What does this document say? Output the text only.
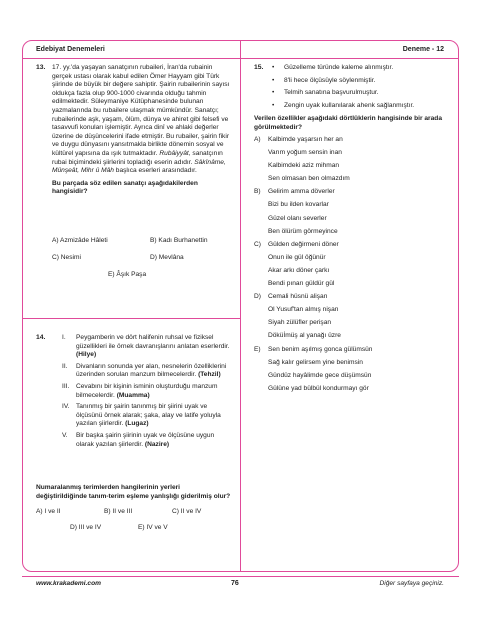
Edebiyat Denemeleri	Deneme - 12
13. 17. yy.'da yaşayan sanatçının rubaileri, İran'da rubainin gerçek ustası olarak kabul edilen Ömer Hayyam gibi Türk şiirinde de büyük bir değere sahiptir. Şairin rubailerinin sayısı oldukça fazla olup 900-1000 civarında olduğu tahmin edilmektedir. Süleymaniye Kütüphanesinde bulunan yazmalarında bu rubailere ulaşmak mümkündür. Sanatçı; rubailerinde aşk, yaşam, ölüm, dünya ve ahiret gibi felsefi ve tasavvufi konuları işlemiştir. Ayrıca dinî ve ahlaki değerler üzerine de düşüncelerini ifade etmiştir. Bu rubailer, şairin fikir ve duygu dünyasını yansıtmakla birlikte dönemin sosyal ve kültürel yapısına da ışık tutmaktadır. Rubâiyyât, sanatçının rubai biçimindeki şiirlerini topladığı eserin adıdır. Sâkînâme, Münşeât, Mihr ü Mâh başlıca eserleri arasındadır.

Bu parçada söz edilen sanatçı aşağıdakilerden hangisidir?

A) Azmizâde Hâleti	B) Kadı Burhanettin
C) Nesimi	D) Mevlâna
E) Âşık Paşa
14.	I. Peygamberin ve dört halifenin ruhsal ve fiziksel güzellikleri ile örnek davranışlarını anlatan eserlerdir. (Hilye)
II. Divanların sonunda yer alan, nesnelerin özelliklerini üzerinden sorulan manzum bilmecelerdir. (Tehzil)
III. Cevabını bir kişinin isminin oluşturduğu manzum bilmecelerdir. (Muamma)
IV. Tanınmış bir şairin tanınmış bir şiirini uyak ve ölçüsünü örnek alarak; şaka, alay ve latife yoluyla yazılan şiirlerdir. (Lugaz)
V. Bir başka şairin şiirinin uyak ve ölçüsüne uygun olarak yazılan şiirlerdir. (Nazire)
Numaralanmış terimlerden hangilerinin yerleri değiştirildiğinde tanım-terim eşleme yanlışlığı giderilmiş olur?
A) I ve II	B) II ve III	C) II ve IV
D) III ve IV	E) IV ve V
15.
•	Güzelleme türünde kaleme alınmıştır.
• 8'li hece ölçüsüyle söylenmiştir.
• Telmih sanatına başvurulmuştur.
• Zengin uyak kullanılarak ahenk sağlanmıştır.
Verilen özellikler aşağıdaki dörtlüklerin hangisinde bir arada görülmektedir?
A) Kalbimde yaşarsın her an
Varım yoğum sensin inan
Kalbimdeki aziz mihman
Sen olmasan ben olmazdım
B) Gelirim amma döverler
Bizi bu ilden kovarlar
Güzel olanı severler
Ben ölürüm görmeyince
C) Gülden değirmeni döner
Onun ile gül öğünür
Akar arkı döner çarkı
Bendi pınarı güldür gül
D) Cemali hüsnü alişan
Ol Yusuf'tan almış nişan
Siyah zülüfler perişan
Döküİmüş al yanağı üzre
E) Sen benim aşılmış gonca gülümsün
Sağ kalır gelirsem yine benimsin
Gündüz hayâlimde gece düşümsün
Gülüne yad bülbül kondurmayı gör
www.krakademi.com	76	Diğer sayfaya geçiniz.
